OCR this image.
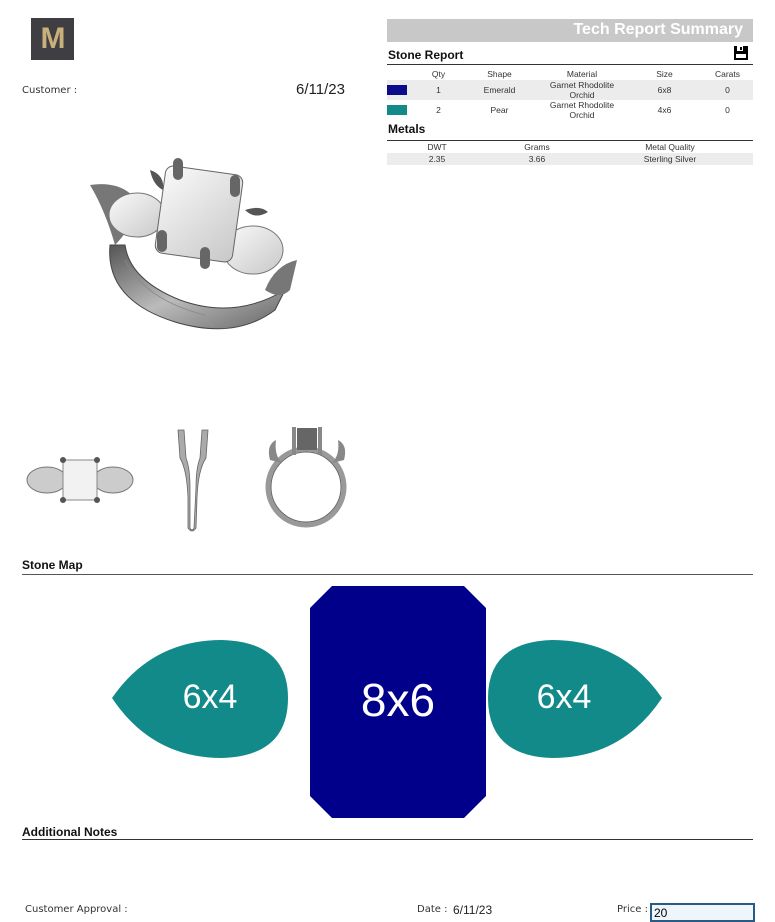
M
Customer :	6/11/23
Tech Report Summary
Stone Report
	Qty	Shape	Material	Size	Carats
	1	Emerald	Garnet Rhodolite Orchid	6x8	0
	2	Pear	Garnet Rhodolite Orchid	4x6	0
Metals
DWT	Grams	Metal Quality
2.35	3.66	Sterling Silver
Stone Map
6x4	8x6	6x4
Additional Notes
Customer Approval :	Date : 6/11/23	Price :
20
